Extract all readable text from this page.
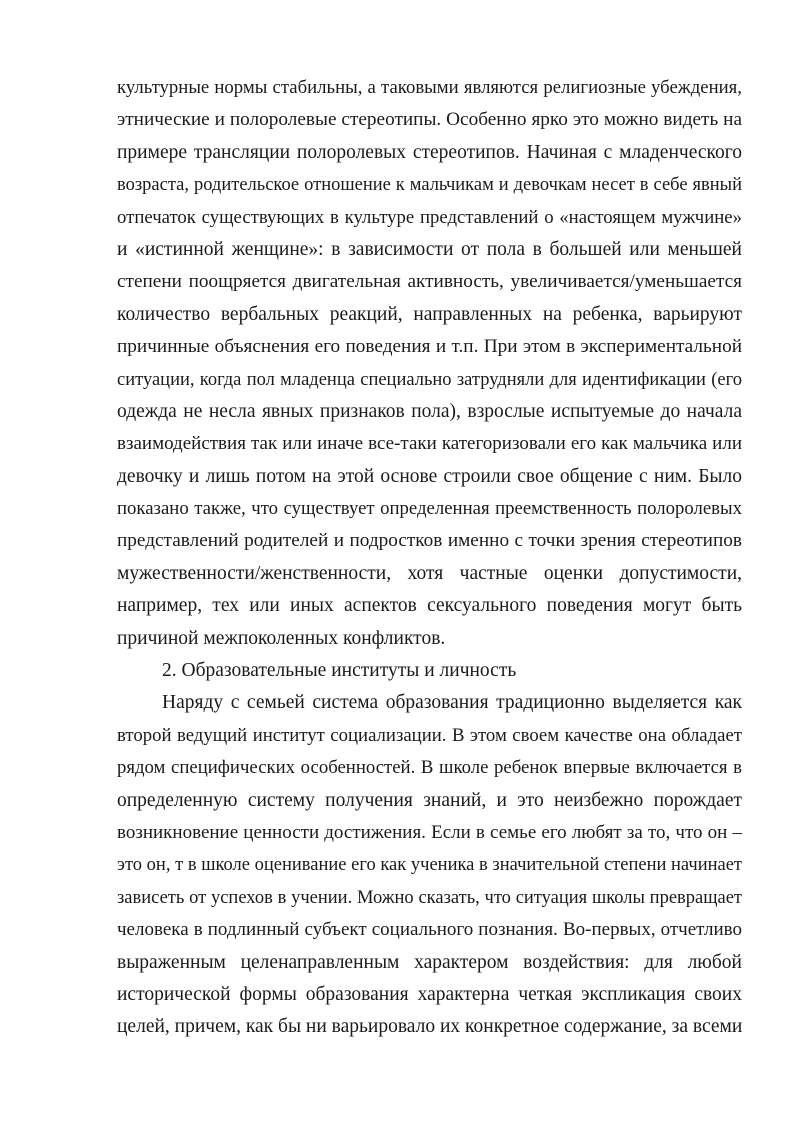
культурные нормы стабильны, а таковыми являются религиозные убеждения,
этнические и полоролевые стереотипы. Особенно ярко это можно видеть на
примере трансляции полоролевых стереотипов. Начиная с младенческого
возраста, родительское отношение к мальчикам и девочкам несет в себе явный
отпечаток существующих в культуре представлений о «настоящем мужчине»
и «истинной женщине»: в зависимости от пола в большей или меньшей
степени поощряется двигательная активность, увеличивается/уменьшается
количество вербальных реакций, направленных на ребенка, варьируют
причинные объяснения его поведения и т.п. При этом в экспериментальной
ситуации, когда пол младенца специально затрудняли для идентификации (его
одежда не несла явных признаков пола), взрослые испытуемые до начала
взаимодействия так или иначе все-таки категоризовали его как мальчика или
девочку и лишь потом на этой основе строили свое общение с ним. Было
показано также, что существует определенная преемственность полоролевых
представлений родителей и подростков именно с точки зрения стереотипов
мужественности/женственности, хотя частные оценки допустимости,
например, тех или иных аспектов сексуального поведения могут быть
причиной межпоколенных конфликтов.
2. Образовательные институты и личность
Наряду с семьей система образования традиционно выделяется как
второй ведущий институт социализации. В этом своем качестве она обладает
рядом специфических особенностей. В школе ребенок впервые включается в
определенную систему получения знаний, и это неизбежно порождает
возникновение ценности достижения. Если в семье его любят за то, что он –
это он, т в школе оценивание его как ученика в значительной степени начинает
зависеть от успехов в учении. Можно сказать, что ситуация школы превращает
человека в подлинный субъект социального познания. Во-первых, отчетливо
выраженным целенаправленным характером воздействия: для любой
исторической формы образования характерна четкая экспликация своих
целей, причем, как бы ни варьировало их конкретное содержание, за всеми
